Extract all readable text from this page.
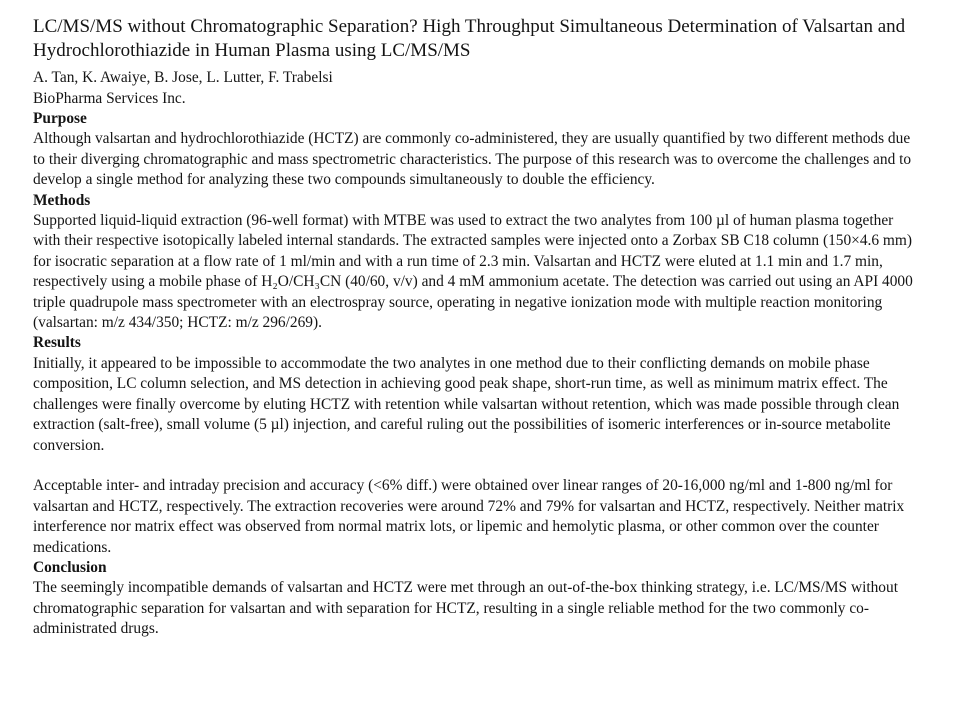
LC/MS/MS without Chromatographic Separation? High Throughput Simultaneous Determination of Valsartan and Hydrochlorothiazide in Human Plasma using LC/MS/MS

A. Tan, K. Awaiye, B. Jose, L. Lutter, F. Trabelsi

BioPharma Services Inc.

Purpose

Although valsartan and hydrochlorothiazide (HCTZ) are commonly co-administered, they are usually quantified by two different methods due to their diverging chromatographic and mass spectrometric characteristics. The purpose of this research was to overcome the challenges and to develop a single method for analyzing these two compounds simultaneously to double the efficiency.

Methods

Supported liquid-liquid extraction (96-well format) with MTBE was used to extract the two analytes from 100 µl of human plasma together with their respective isotopically labeled internal standards. The extracted samples were injected onto a Zorbax SB C18 column (150×4.6 mm) for isocratic separation at a flow rate of 1 ml/min and with a run time of 2.3 min. Valsartan and HCTZ were eluted at 1.1 min and 1.7 min, respectively using a mobile phase of H₂O/CH₃CN (40/60, v/v) and 4 mM ammonium acetate. The detection was carried out using an API 4000 triple quadrupole mass spectrometer with an electrospray source, operating in negative ionization mode with multiple reaction monitoring (valsartan: m/z 434/350; HCTZ: m/z 296/269).

Results

Initially, it appeared to be impossible to accommodate the two analytes in one method due to their conflicting demands on mobile phase composition, LC column selection, and MS detection in achieving good peak shape, short-run time, as well as minimum matrix effect. The challenges were finally overcome by eluting HCTZ with retention while valsartan without retention, which was made possible through clean extraction (salt-free), small volume (5 µl) injection, and careful ruling out the possibilities of isomeric interferences or in-source metabolite conversion.

Acceptable inter- and intraday precision and accuracy (<6% diff.) were obtained over linear ranges of 20-16,000 ng/ml and 1-800 ng/ml for valsartan and HCTZ, respectively. The extraction recoveries were around 72% and 79% for valsartan and HCTZ, respectively. Neither matrix interference nor matrix effect was observed from normal matrix lots, or lipemic and hemolytic plasma, or other common over the counter medications.

Conclusion

The seemingly incompatible demands of valsartan and HCTZ were met through an out-of-the-box thinking strategy, i.e. LC/MS/MS without chromatographic separation for valsartan and with separation for HCTZ, resulting in a single reliable method for the two commonly co-administrated drugs.
